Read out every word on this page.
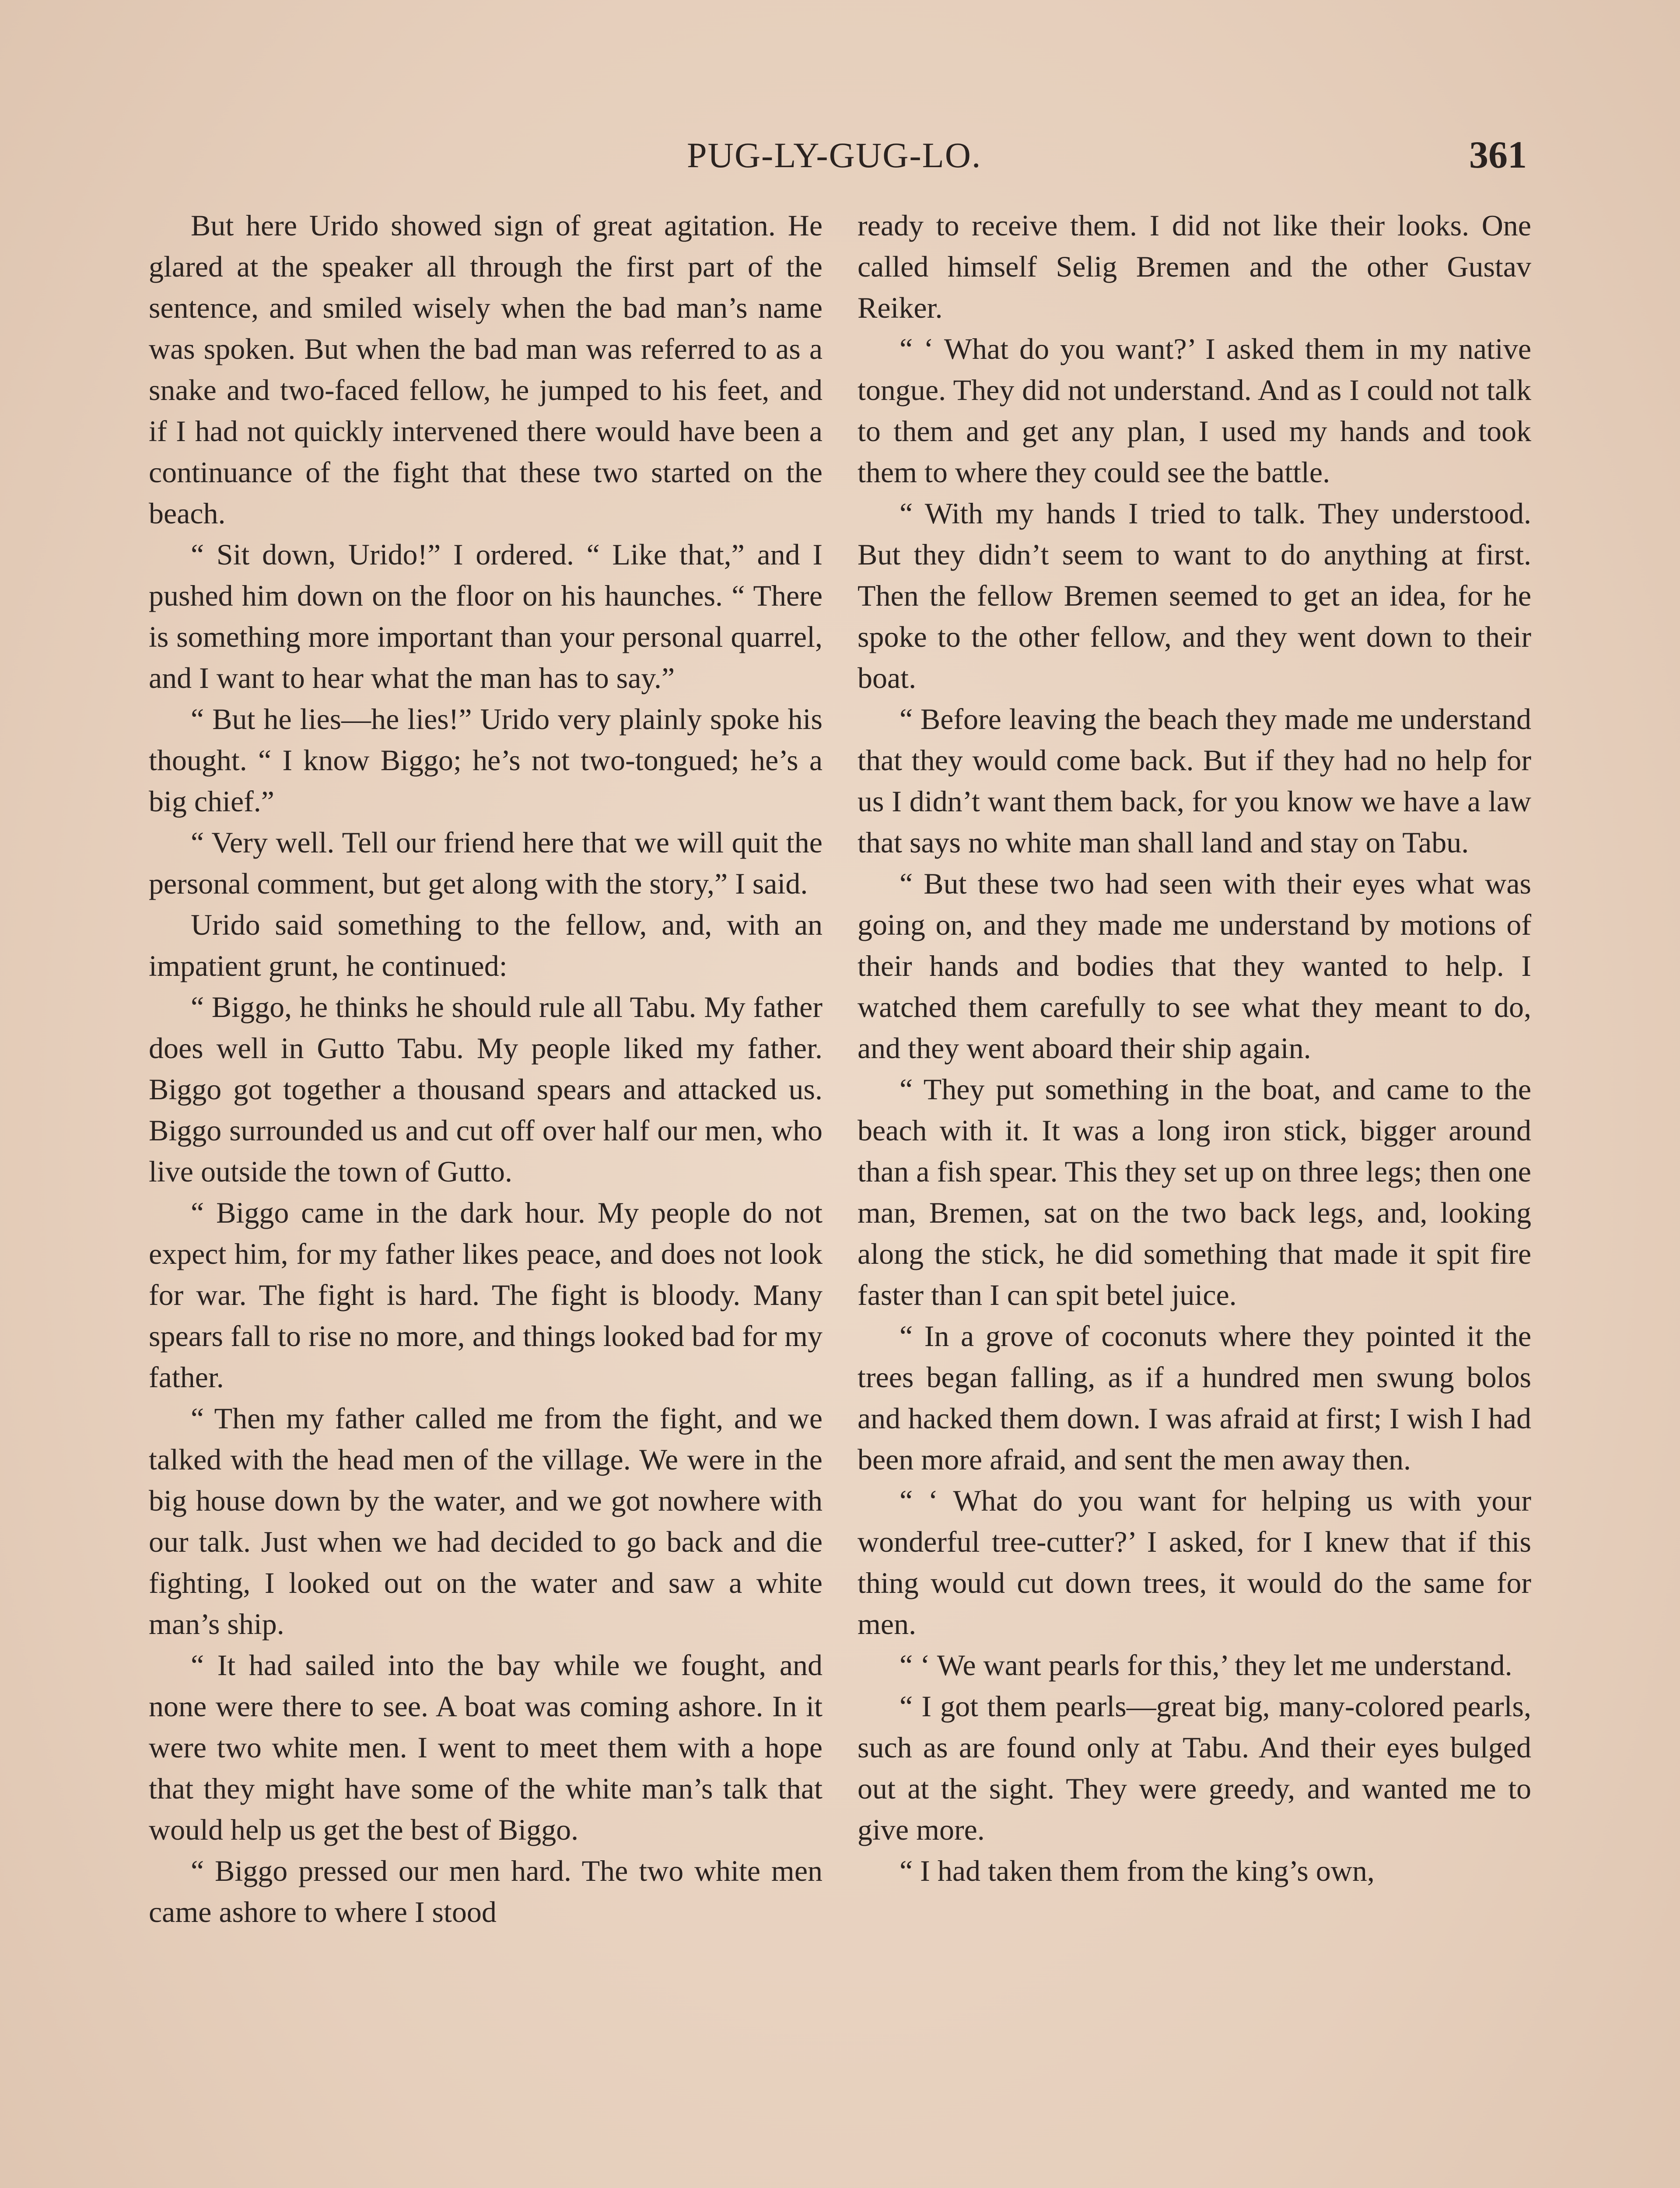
PUG-LY-GUG-LO.	361

But here Urido showed sign of great agitation. He glared at the speaker all through the first part of the sentence, and smiled wisely when the bad man’s name was spoken. But when the bad man was referred to as a snake and two-faced fellow, he jumped to his feet, and if I had not quickly intervened there would have been a continuance of the fight that these two started on the beach.

“ Sit down, Urido!” I ordered. “ Like that,” and I pushed him down on the floor on his haunches. “ There is something more important than your personal quarrel, and I want to hear what the man has to say.”

“ But he lies—he lies!” Urido very plainly spoke his thought. “ I know Biggo; he’s not two-tongued; he’s a big chief.”

“ Very well. Tell our friend here that we will quit the personal comment, but get along with the story,” I said.

Urido said something to the fellow, and, with an impatient grunt, he continued:

“ Biggo, he thinks he should rule all Tabu. My father does well in Gutto Tabu. My people liked my father. Biggo got together a thousand spears and attacked us. Biggo surrounded us and cut off over half our men, who live outside the town of Gutto.

“ Biggo came in the dark hour. My people do not expect him, for my father likes peace, and does not look for war. The fight is hard. The fight is bloody. Many spears fall to rise no more, and things looked bad for my father.

“ Then my father called me from the fight, and we talked with the head men of the village. We were in the big house down by the water, and we got nowhere with our talk. Just when we had decided to go back and die fighting, I looked out on the water and saw a white man’s ship.

“ It had sailed into the bay while we fought, and none were there to see. A boat was coming ashore. In it were two white men. I went to meet them with a hope that they might have some of the white man’s talk that would help us get the best of Biggo.

“ Biggo pressed our men hard. The two white men came ashore to where I stood

ready to receive them. I did not like their looks. One called himself Selig Bremen and the other Gustav Reiker.

“ ‘ What do you want?’ I asked them in my native tongue. They did not understand. And as I could not talk to them and get any plan, I used my hands and took them to where they could see the battle.

“ With my hands I tried to talk. They understood. But they didn’t seem to want to do anything at first. Then the fellow Bremen seemed to get an idea, for he spoke to the other fellow, and they went down to their boat.

“ Before leaving the beach they made me understand that they would come back. But if they had no help for us I didn’t want them back, for you know we have a law that says no white man shall land and stay on Tabu.

“ But these two had seen with their eyes what was going on, and they made me understand by motions of their hands and bodies that they wanted to help. I watched them carefully to see what they meant to do, and they went aboard their ship again.

“ They put something in the boat, and came to the beach with it. It was a long iron stick, bigger around than a fish spear. This they set up on three legs; then one man, Bremen, sat on the two back legs, and, looking along the stick, he did something that made it spit fire faster than I can spit betel juice.

“ In a grove of coconuts where they pointed it the trees began falling, as if a hundred men swung bolos and hacked them down. I was afraid at first; I wish I had been more afraid, and sent the men away then.

“ ‘ What do you want for helping us with your wonderful tree-cutter?’ I asked, for I knew that if this thing would cut down trees, it would do the same for men.

“ ‘ We want pearls for this,’ they let me understand.

“ I got them pearls—great big, many-colored pearls, such as are found only at Tabu. And their eyes bulged out at the sight. They were greedy, and wanted me to give more.

“ I had taken them from the king’s own,
